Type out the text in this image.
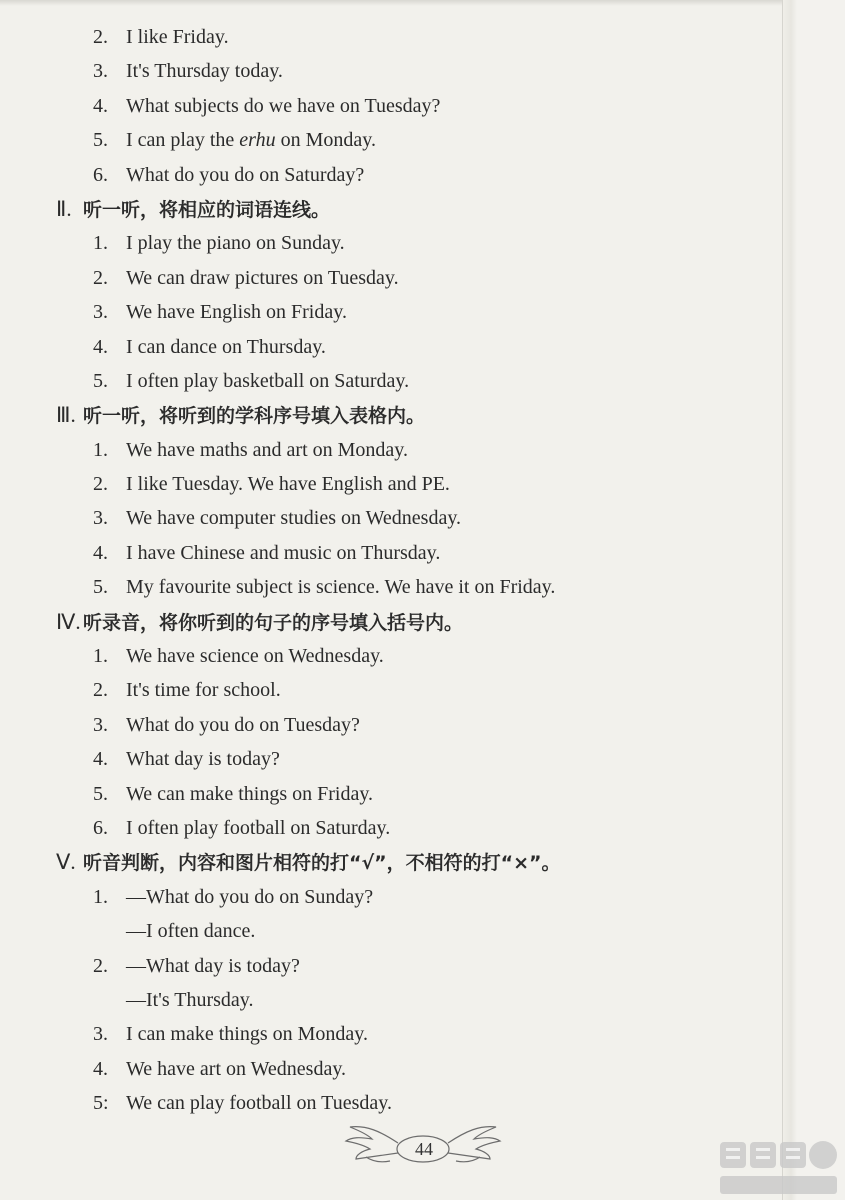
2. I like Friday.
3. It's Thursday today.
4. What subjects do we have on Tuesday?
5. I can play the erhu on Monday.
6. What do you do on Saturday?
Ⅱ. 听一听，将相应的词语连线。
1. I play the piano on Sunday.
2. We can draw pictures on Tuesday.
3. We have English on Friday.
4. I can dance on Thursday.
5. I often play basketball on Saturday.
Ⅲ. 听一听，将听到的学科序号填入表格内。
1. We have maths and art on Monday.
2. I like Tuesday. We have English and PE.
3. We have computer studies on Wednesday.
4. I have Chinese and music on Thursday.
5. My favourite subject is science. We have it on Friday.
Ⅳ. 听录音，将你听到的句子的序号填入括号内。
1. We have science on Wednesday.
2. It's time for school.
3. What do you do on Tuesday?
4. What day is today?
5. We can make things on Friday.
6. I often play football on Saturday.
Ⅴ. 听音判断，内容和图片相符的打“√”，不相符的打“×”。
1. —What do you do on Sunday?
—I often dance.
2. —What day is today?
—It's Thursday.
3. I can make things on Monday.
4. We have art on Wednesday.
5: We can play football on Tuesday.
44
